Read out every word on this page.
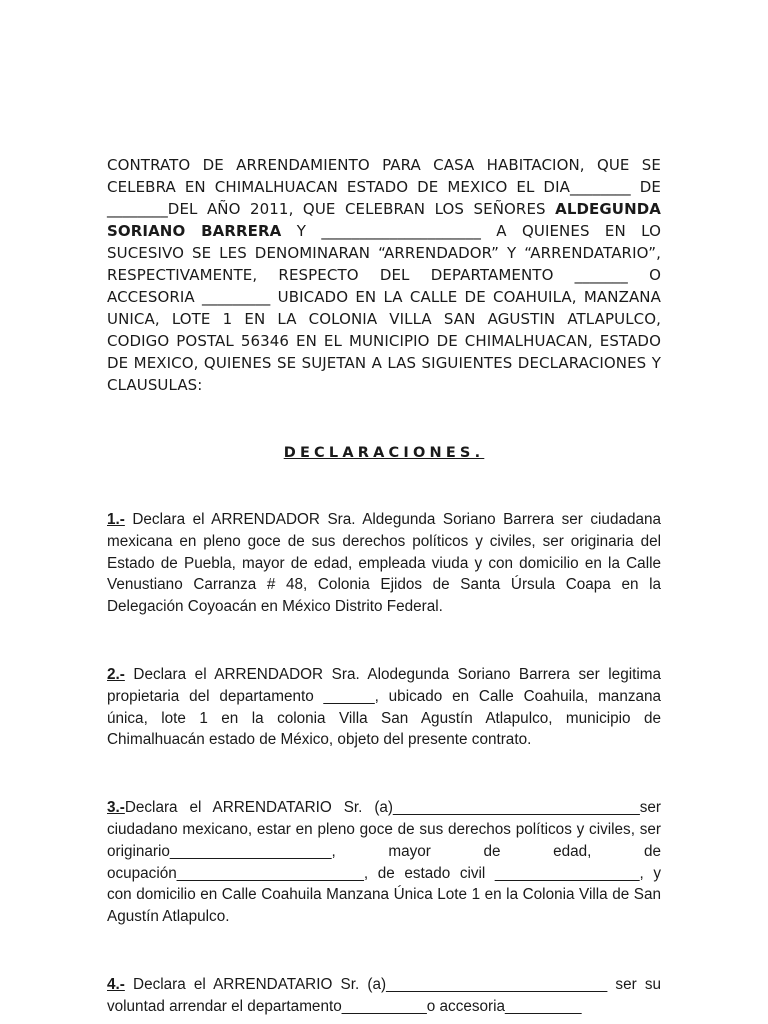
CONTRATO DE ARRENDAMIENTO PARA CASA HABITACION, QUE SE CELEBRA EN CHIMALHUACAN ESTADO DE MEXICO EL DIA________ DE ________DEL AÑO 2011, QUE CELEBRAN LOS SEÑORES ALDEGUNDA SORIANO BARRERA Y _____________________ A QUIENES EN LO SUCESIVO SE LES DENOMINARAN “ARRENDADOR” Y “ARRENDATARIO”, RESPECTIVAMENTE, RESPECTO DEL DEPARTAMENTO _______ O ACCESORIA _________ UBICADO EN LA CALLE DE COAHUILA, MANZANA UNICA, LOTE 1 EN LA COLONIA VILLA SAN AGUSTIN ATLAPULCO, CODIGO POSTAL 56346 EN EL MUNICIPIO DE CHIMALHUACAN, ESTADO DE MEXICO, QUIENES SE SUJETAN A LAS SIGUIENTES DECLARACIONES Y CLAUSULAS:

DECLARACIONES.

1.- Declara el ARRENDADOR Sra. Aldegunda Soriano Barrera ser ciudadana mexicana en pleno goce de sus derechos políticos y civiles, ser originaria del Estado de Puebla, mayor de edad, empleada viuda y con domicilio en la Calle Venustiano Carranza # 48, Colonia Ejidos de Santa Úrsula Coapa en la Delegación Coyoacán en México Distrito Federal.

2.- Declara el ARRENDADOR Sra. Alodegunda Soriano Barrera ser legitima propietaria del departamento ______, ubicado en Calle Coahuila, manzana única, lote 1 en la colonia Villa San Agustín Atlapulco, municipio de Chimalhuacán estado de México, objeto del presente contrato.

3.-Declara el ARRENDATARIO Sr. (a)_____________________________ser ciudadano mexicano, estar en pleno goce de sus derechos políticos y civiles, ser originario___________________, mayor de edad, de ocupación______________________, de estado civil _________________, y con domicilio en Calle Coahuila Manzana Única Lote 1 en la Colonia Villa de San Agustín Atlapulco.

4.- Declara el ARRENDATARIO Sr. (a)__________________________ ser su voluntad arrendar el departamento__________o accesoria_________
